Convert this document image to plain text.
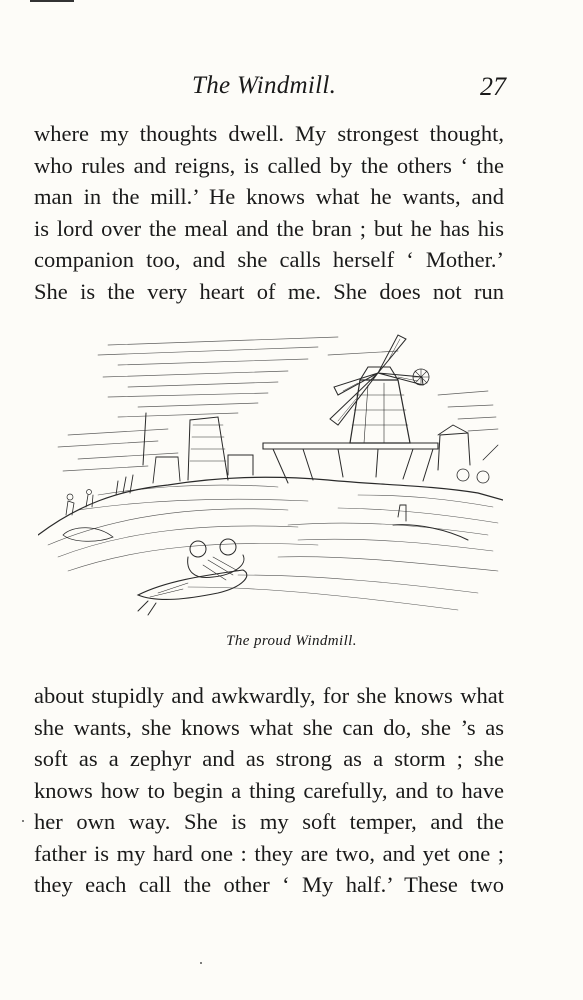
The Windmill.	27
where my thoughts dwell. My strongest thought,
who rules and reigns, is called by the others ‘ the
man in the mill.’ He knows what he wants, and
is lord over the meal and the bran ; but he has his
companion too, and she calls herself ‘ Mother.’
She is the very heart of me. She does not run
The proud Windmill.
about stupidly and awkwardly, for she knows what
she wants, she knows what she can do, she ’s as
soft as a zephyr and as strong as a storm ; she
knows how to begin a thing carefully, and to have
her own way. She is my soft temper, and the
father is my hard one : they are two, and yet one ;
they each call the other ‘ My half.’ These two
